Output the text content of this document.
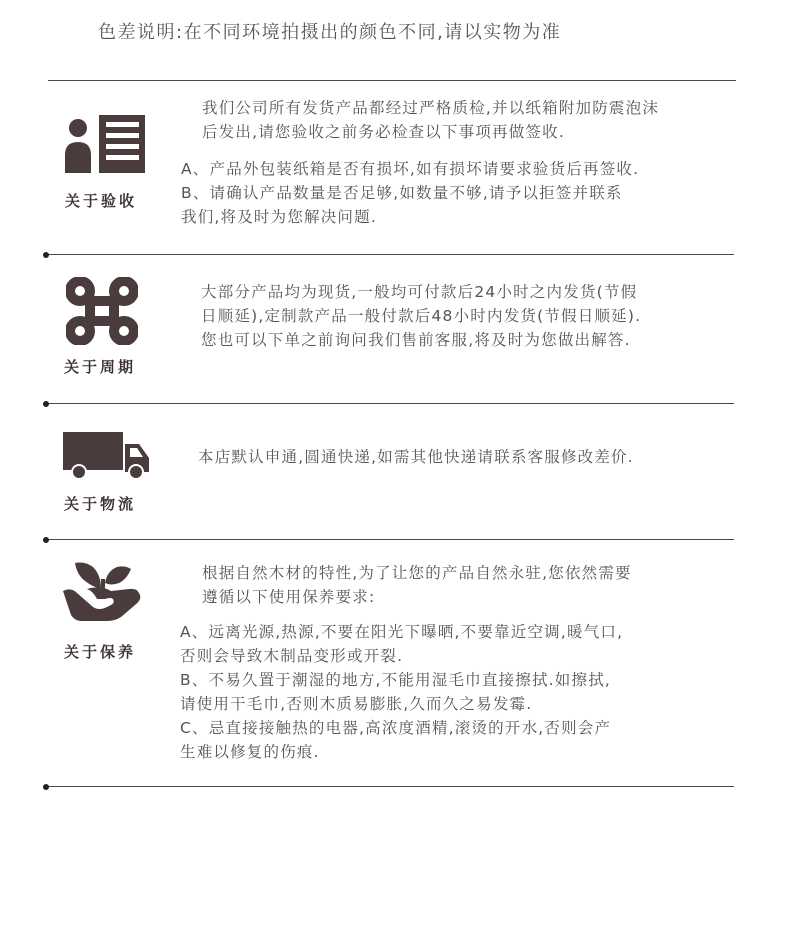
色差说明:在不同环境拍摄出的颜色不同,请以实物为准
关于验收
我们公司所有发货产品都经过严格质检,并以纸箱附加防震泡沫
后发出,请您验收之前务必检查以下事项再做签收.
A、产品外包装纸箱是否有损坏,如有损坏请要求验货后再签收.
B、请确认产品数量是否足够,如数量不够,请予以拒签并联系
我们,将及时为您解决问题.
关于周期
大部分产品均为现货,一般均可付款后24小时之内发货(节假
日顺延),定制款产品一般付款后48小时内发货(节假日顺延).
您也可以下单之前询问我们售前客服,将及时为您做出解答.
关于物流
本店默认申通,圆通快递,如需其他快递请联系客服修改差价.
关于保养
根据自然木材的特性,为了让您的产品自然永驻,您依然需要
遵循以下使用保养要求:
A、远离光源,热源,不要在阳光下曝晒,不要靠近空调,暖气口,
否则会导致木制品变形或开裂.
B、不易久置于潮湿的地方,不能用湿毛巾直接擦拭.如擦拭,
请使用干毛巾,否则木质易膨胀,久而久之易发霉.
C、忌直接接触热的电器,高浓度酒精,滚烫的开水,否则会产
生难以修复的伤痕.
